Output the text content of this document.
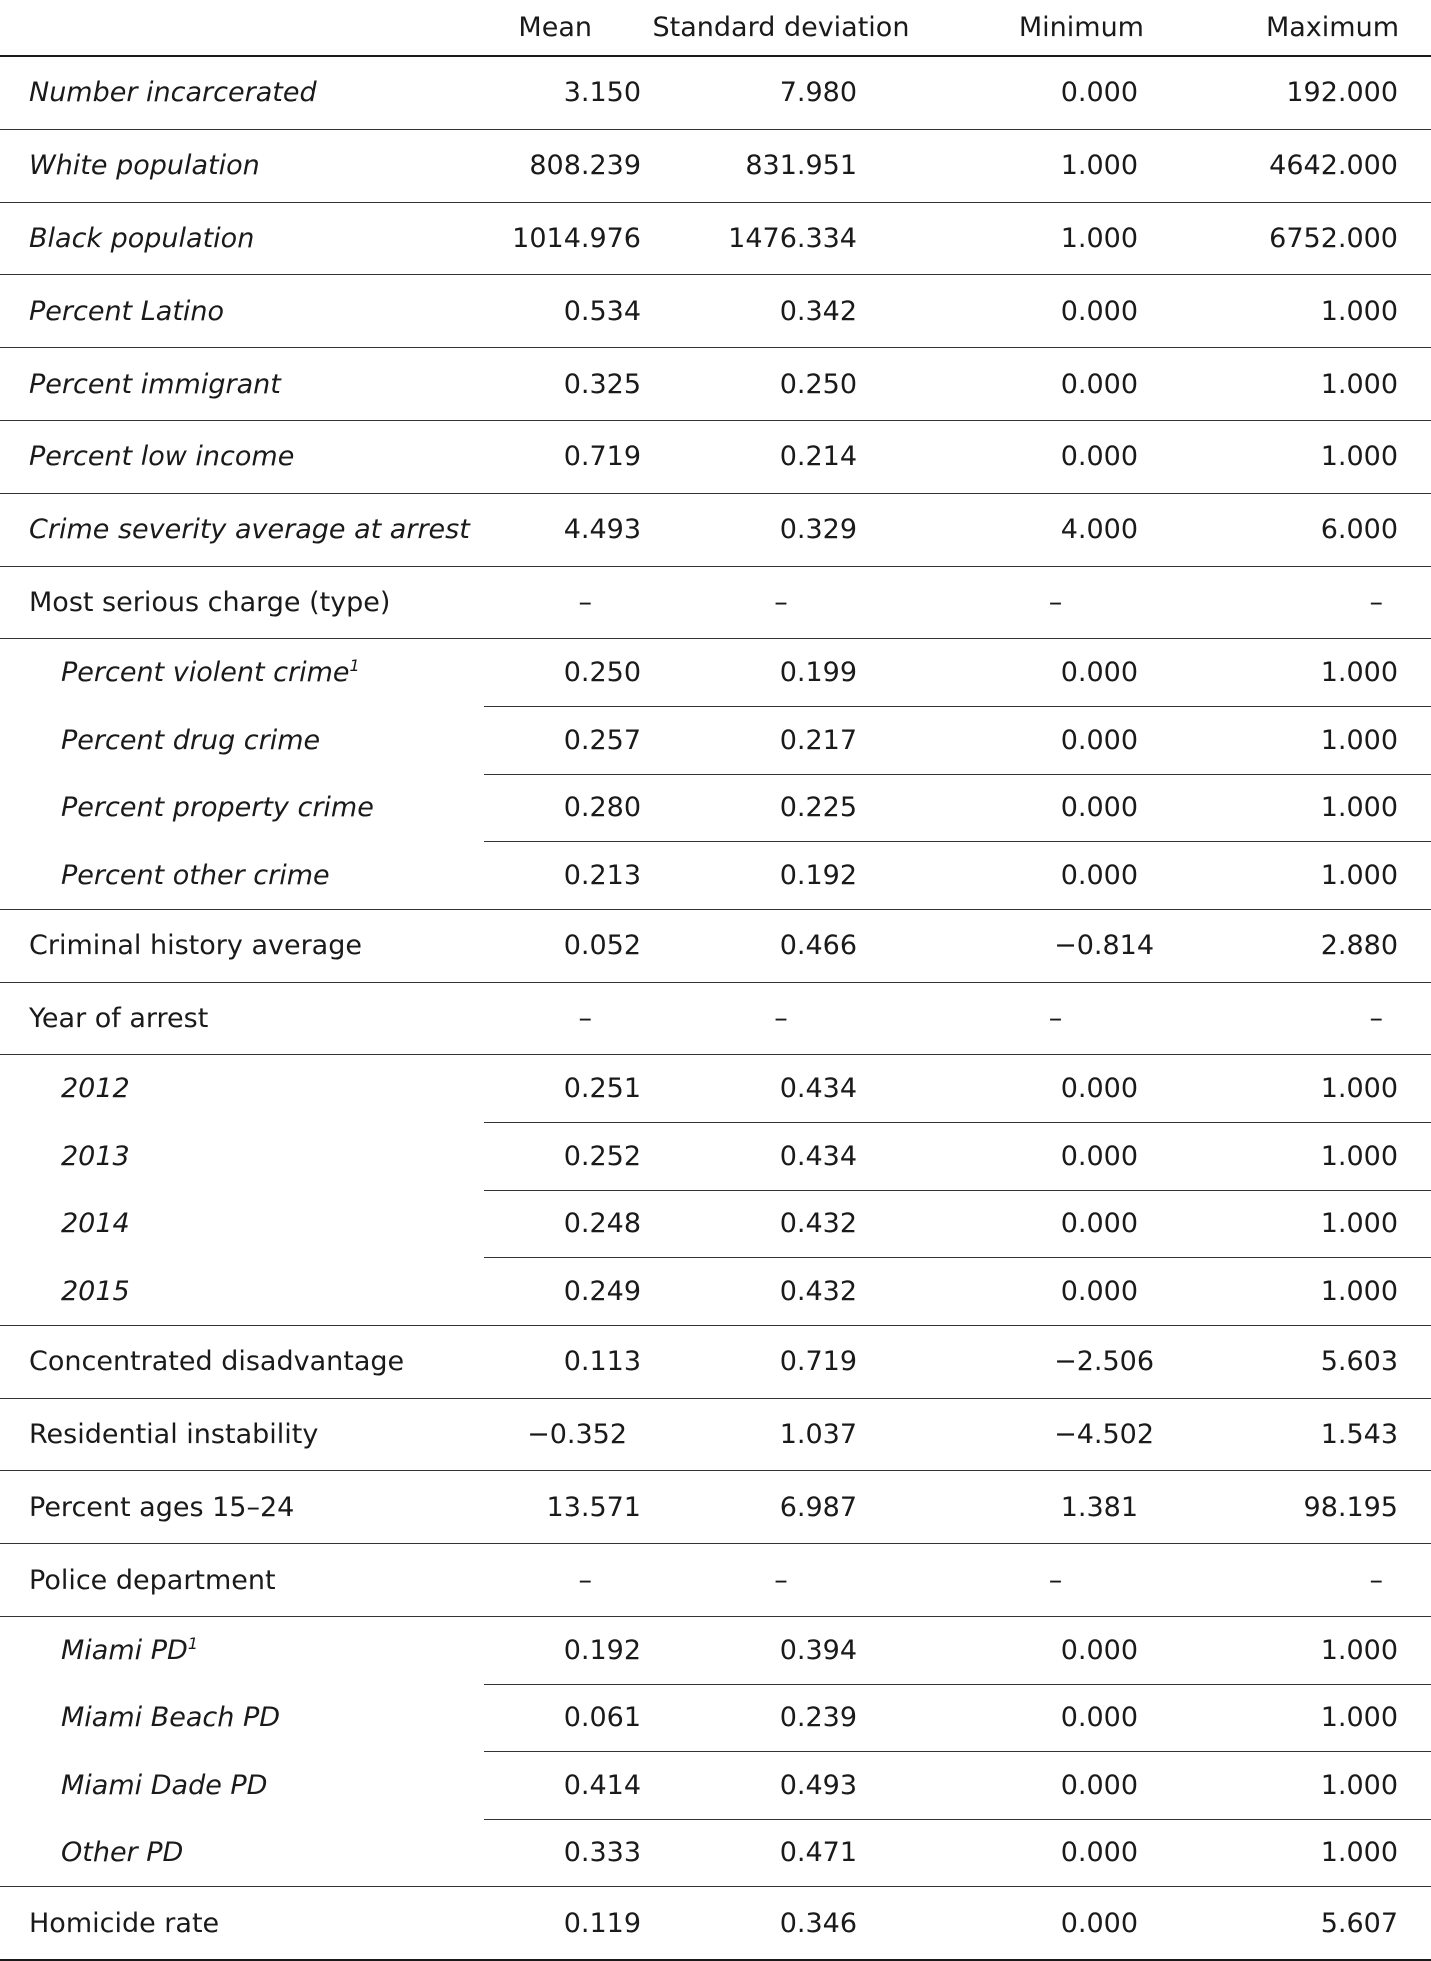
	Mean	Standard deviation	Minimum	Maximum
Number incarcerated	3.150	7.980	0.000	192.000
White population	808.239	831.951	1.000	4642.000
Black population	1014.976	1476.334	1.000	6752.000
Percent Latino	0.534	0.342	0.000	1.000
Percent immigrant	0.325	0.250	0.000	1.000
Percent low income	0.719	0.214	0.000	1.000
Crime severity average at arrest	4.493	0.329	4.000	6.000
Most serious charge (type)	–	–	–	–
Percent violent crime$^1$	0.250	0.199	0.000	1.000
Percent drug crime	0.257	0.217	0.000	1.000
Percent property crime	0.280	0.225	0.000	1.000
Percent other crime	0.213	0.192	0.000	1.000
Criminal history average	0.052	0.466	−0.814	2.880
Year of arrest	–	–	–	–
2012	0.251	0.434	0.000	1.000
2013	0.252	0.434	0.000	1.000
2014	0.248	0.432	0.000	1.000
2015	0.249	0.432	0.000	1.000
Concentrated disadvantage	0.113	0.719	−2.506	5.603
Residential instability	−0.352	1.037	−4.502	1.543
Percent ages 15–24	13.571	6.987	1.381	98.195
Police department	–	–	–	–
Miami $PD^1$	0.192	0.394	0.000	1.000
Miami Beach PD	0.061	0.239	0.000	1.000
Miami Dade PD	0.414	0.493	0.000	1.000
Other PD	0.333	0.471	0.000	1.000
Homicide rate	0.119	0.346	0.000	5.607
